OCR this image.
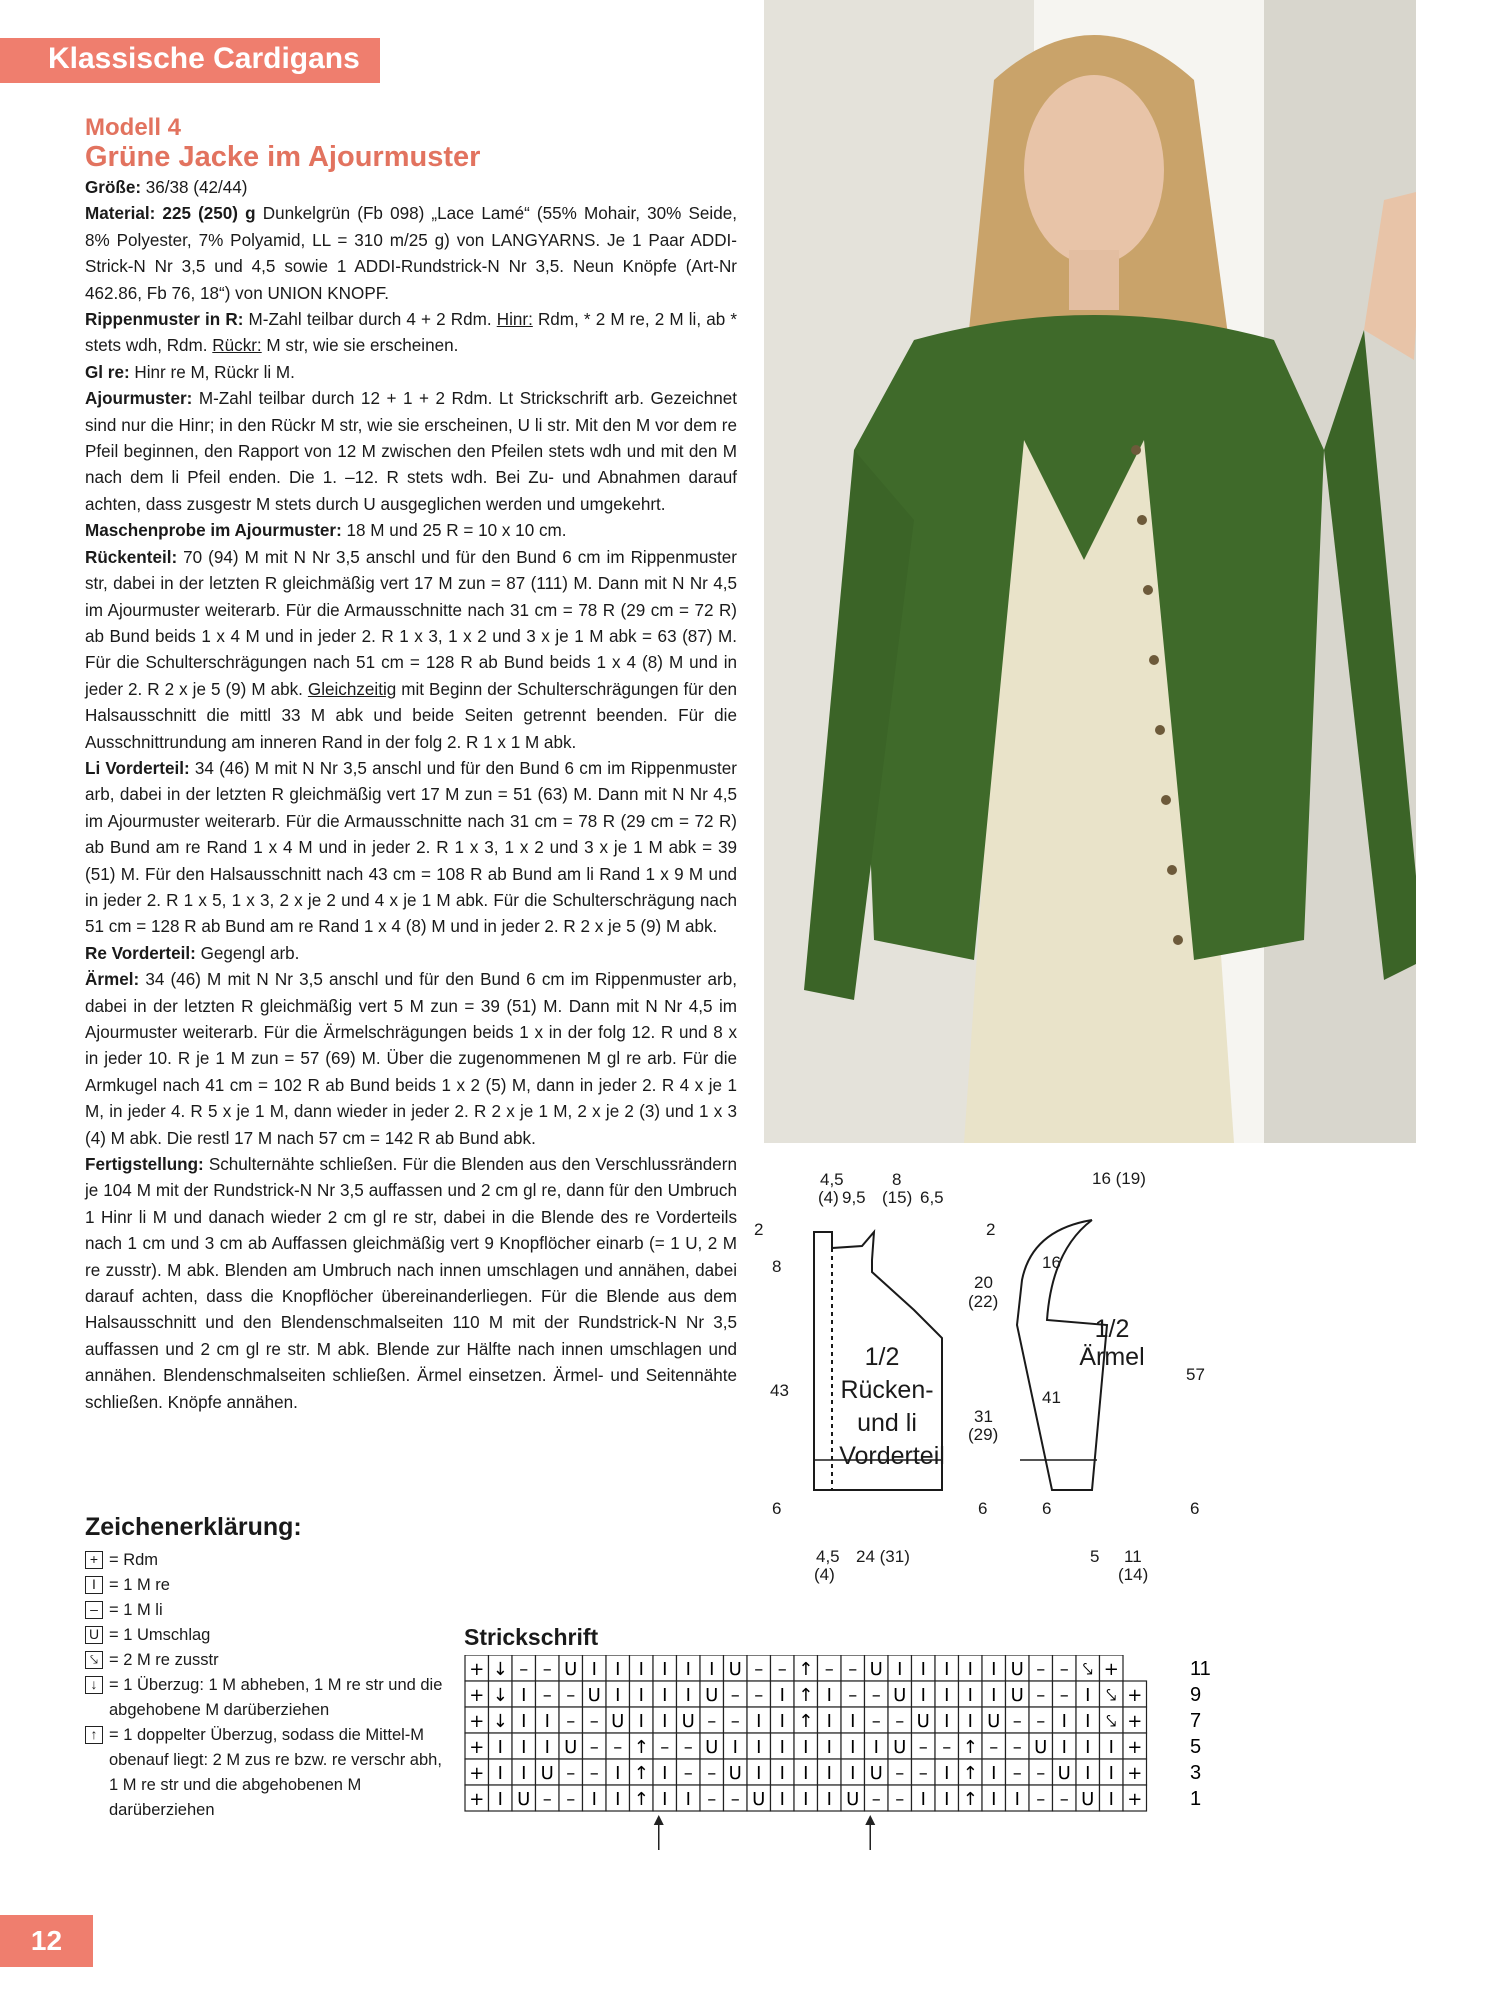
Klassische Cardigans
Modell 4
Grüne Jacke im Ajourmuster

Größe: 36/38 (42/44)

Material: 225 (250) g Dunkelgrün (Fb 098) „Lace Lamé“ (55% Mohair, 30% Seide, 8% Polyester, 7% Polyamid, LL = 310 m/25 g) von LANGYARNS. Je 1 Paar ADDI-Strick-N Nr 3,5 und 4,5 sowie 1 ADDI-Rundstrick-N Nr 3,5. Neun Knöpfe (Art-Nr 462.86, Fb 76, 18“) von UNION KNOPF.

Rippenmuster in R: M-Zahl teilbar durch 4 + 2 Rdm. Hinr: Rdm, * 2 M re, 2 M li, ab * stets wdh, Rdm. Rückr: M str, wie sie erscheinen.

Gl re: Hinr re M, Rückr li M.

Ajourmuster: M-Zahl teilbar durch 12 + 1 + 2 Rdm. Lt Strickschrift arb. Gezeichnet sind nur die Hinr; in den Rückr M str, wie sie erscheinen, U li str. Mit den M vor dem re Pfeil beginnen, den Rapport von 12 M zwischen den Pfeilen stets wdh und mit den M nach dem li Pfeil enden. Die 1. –12. R stets wdh. Bei Zu- und Abnahmen darauf achten, dass zusgestr M stets durch U ausgeglichen werden und umgekehrt.

Maschenprobe im Ajourmuster: 18 M und 25 R = 10 x 10 cm.

Rückenteil: 70 (94) M mit N Nr 3,5 anschl und für den Bund 6 cm im Rippenmuster str, dabei in der letzten R gleichmäßig vert 17 M zun = 87 (111) M. Dann mit N Nr 4,5 im Ajourmuster weiterarb. Für die Armausschnitte nach 31 cm = 78 R (29 cm = 72 R) ab Bund beids 1 x 4 M und in jeder 2. R 1 x 3, 1 x 2 und 3 x je 1 M abk = 63 (87) M. Für die Schulterschrägungen nach 51 cm = 128 R ab Bund beids 1 x 4 (8) M und in jeder 2. R 2 x je 5 (9) M abk. Gleichzeitig mit Beginn der Schulterschrägungen für den Halsausschnitt die mittl 33 M abk und beide Seiten getrennt beenden. Für die Ausschnittrundung am inneren Rand in der folg 2. R 1 x 1 M abk.

Li Vorderteil: 34 (46) M mit N Nr 3,5 anschl und für den Bund 6 cm im Rippenmuster arb, dabei in der letzten R gleichmäßig vert 17 M zun = 51 (63) M. Dann mit N Nr 4,5 im Ajourmuster weiterarb. Für die Armausschnitte nach 31 cm = 78 R (29 cm = 72 R) ab Bund am re Rand 1 x 4 M und in jeder 2. R 1 x 3, 1 x 2 und 3 x je 1 M abk = 39 (51) M. Für den Halsausschnitt nach 43 cm = 108 R ab Bund am li Rand 1 x 9 M und in jeder 2. R 1 x 5, 1 x 3, 2 x je 2 und 4 x je 1 M abk. Für die Schulterschrägung nach 51 cm = 128 R ab Bund am re Rand 1 x 4 (8) M und in jeder 2. R 2 x je 5 (9) M abk.

Re Vorderteil: Gegengl arb.

Ärmel: 34 (46) M mit N Nr 3,5 anschl und für den Bund 6 cm im Rippenmuster arb, dabei in der letzten R gleichmäßig vert 5 M zun = 39 (51) M. Dann mit N Nr 4,5 im Ajourmuster weiterarb. Für die Ärmelschrägungen beids 1 x in der folg 12. R und 8 x in jeder 10. R je 1 M zun = 57 (69) M. Über die zugenommenen M gl re arb. Für die Armkugel nach 41 cm = 102 R ab Bund beids 1 x 2 (5) M, dann in jeder 2. R 4 x je 1 M, in jeder 4. R 5 x je 1 M, dann wieder in jeder 2. R 2 x je 1 M, 2 x je 2 (3) und 1 x 3 (4) M abk. Die restl 17 M nach 57 cm = 142 R ab Bund abk.

Fertigstellung: Schulternähte schließen. Für die Blenden aus den Verschlussrändern je 104 M mit der Rundstrick-N Nr 3,5 auffassen und 2 cm gl re, dann für den Umbruch 1 Hinr li M und danach wieder 2 cm gl re str, dabei in die Blende des re Vorderteils nach 1 cm und 3 cm ab Auffassen gleichmäßig vert 9 Knopflöcher einarb (= 1 U, 2 M re zusstr). M abk. Blenden am Umbruch nach innen umschlagen und annähen, dabei darauf achten, dass die Knopflöcher übereinanderliegen. Für die Blende aus dem Halsausschnitt und den Blendenschmalseiten 110 M mit der Rundstrick-N Nr 3,5 auffassen und 2 cm gl re str. M abk. Blende zur Hälfte nach innen umschlagen und annähen. Blendenschmalseiten schließen. Ärmel einsetzen. Ärmel- und Seitennähte schließen. Knöpfe annähen.

4,5
(4) 9,5
8
(15) 6,5
2
8
43
6
2
20
(22)
31
(29)
6
1/2
Rücken-
und li
Vorderteil
4,5
(4)
24 (31)
16 (19)
16
41
6
57
6
1/2
Ärmel
5 11
(14)
Zeichenerklärung:
+ = Rdm
I = 1 M re
– = 1 M li
U = 1 Umschlag
⤥ = 2 M re zusstr
↓ = 1 Überzug: 1 M abheben, 1 M re str und die abgehobene M darüberziehen
↑ = 1 doppelter Überzug, sodass die Mittel-M obenauf liegt: 2 M zus re bzw. re verschr abh, 1 M re str und die abgehobenen M darüberziehen
Strickschrift
+ ↓ – – U I I I I I I U – – ↑ – – U I I I I I U – – ⤥ +	11
+ ↓ I – – U I I I I U – – I ↑ I – – U I I I I U – – I ⤥ + 9
+ ↓ I I – – U I I U – – I I ↑ I I – – U I I U – – I I ⤥ + 7
+ I I I U – – ↑ – – U I I I I I I I U – – ↑ – – U I I I + 5
+ I I U – – I ↑ I – – U I I I I I U – – I ↑ I – – U I I + 3
+ I U – – I I ↑ I I – – U I I I U – – I I ↑ I I – – U I + 1
12
